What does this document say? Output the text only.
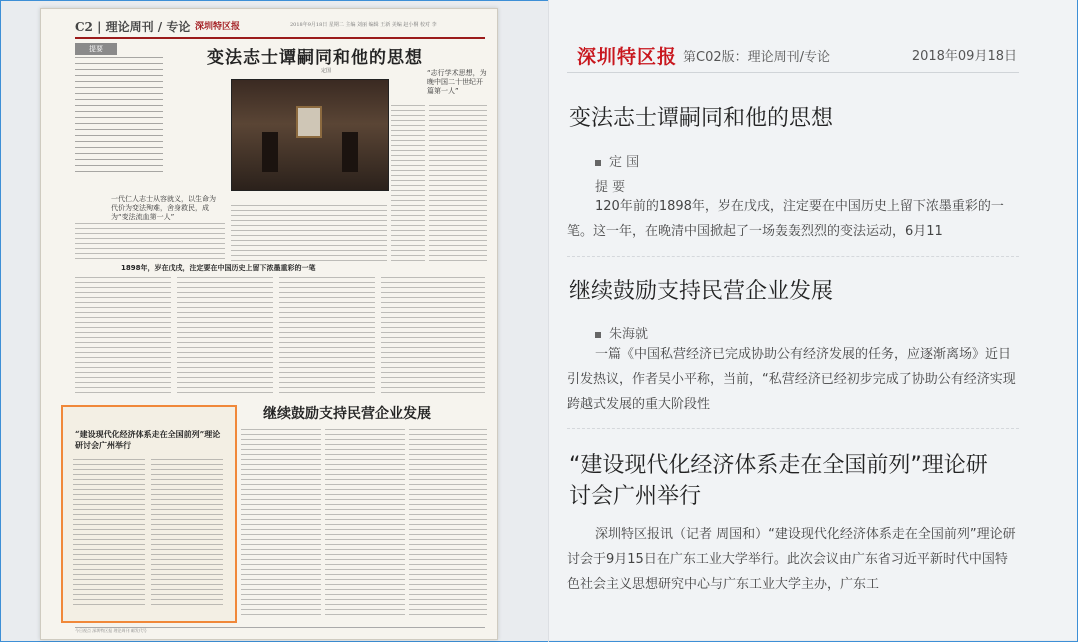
C2 | 理论周刊 / 专论 深圳特区报	2018年9月18日 星期二 主编 刘丽 编辑 王新 美编 赵小桐 校对 李
提要	变法志士谭嗣同和他的思想
定国	“志行学术思想，为晚中国二十世纪开篇第一人”
一代仁人志士从容就义，以生命为代价为变法殉难，舍身救民，成为“变法流血第一人”
1898年，岁在戊戌，注定要在中国历史上留下浓墨重彩的一笔
继续鼓励支持民营企业发展
“建设现代化经济体系走在全国前列”理论研讨会广州举行
今日视点 深圳特区报 理论周刊 邮发代号
深圳特区报 第C02版：理论周刊/专论	2018年09月18日
变法志士谭嗣同和他的思想
定 国
提 要
120年前的1898年，岁在戊戌，注定要在中国历史上留下浓墨重彩的一笔。这一年，在晚清中国掀起了一场轰轰烈烈的变法运动，6月11
继续鼓励支持民营企业发展
朱海就
一篇《中国私营经济已完成协助公有经济发展的任务，应逐渐离场》近日引发热议，作者吴小平称，当前，“私营经济已经初步完成了协助公有经济实现跨越式发展的重大阶段性
“建设现代化经济体系走在全国前列”理论研讨会广州举行
深圳特区报讯（记者 周国和）“建设现代化经济体系走在全国前列”理论研讨会于9月15日在广东工业大学举行。此次会议由广东省习近平新时代中国特色社会主义思想研究中心与广东工业大学主办，广东工
